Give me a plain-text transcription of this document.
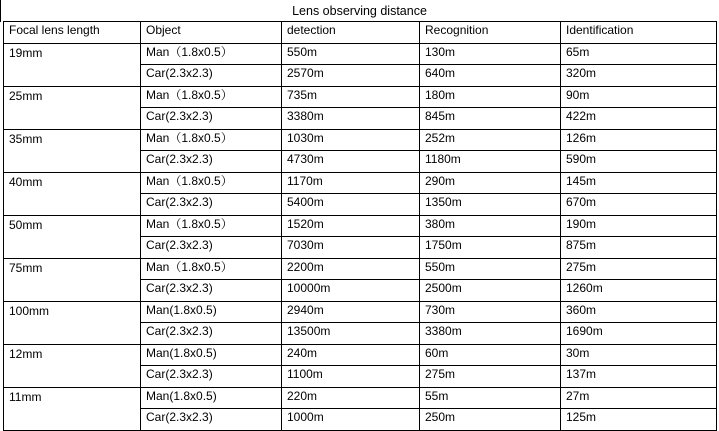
Lens observing distance
Focal lens length	Object	detection	Recognition	Identification
19mm	Man（1.8x0.5）	550m	130m	65m
	Car(2.3x2.3)	2570m	640m	320m
25mm	Man（1.8x0.5）	735m	180m	90m
	Car(2.3x2.3)	3380m	845m	422m
35mm	Man（1.8x0.5）	1030m	252m	126m
	Car(2.3x2.3)	4730m	1180m	590m
40mm	Man（1.8x0.5）	1170m	290m	145m
	Car(2.3x2.3)	5400m	1350m	670m
50mm	Man（1.8x0.5）	1520m	380m	190m
	Car(2.3x2.3)	7030m	1750m	875m
75mm	Man（1.8x0.5）	2200m	550m	275m
	Car(2.3x2.3)	10000m	2500m	1260m
100mm	Man(1.8x0.5)	2940m	730m	360m
	Car(2.3x2.3)	13500m	3380m	1690m
12mm	Man(1.8x0.5)	240m	60m	30m
	Car(2.3x2.3)	1100m	275m	137m
11mm	Man(1.8x0.5)	220m	55m	27m
	Car(2.3x2.3)	1000m	250m	125m
